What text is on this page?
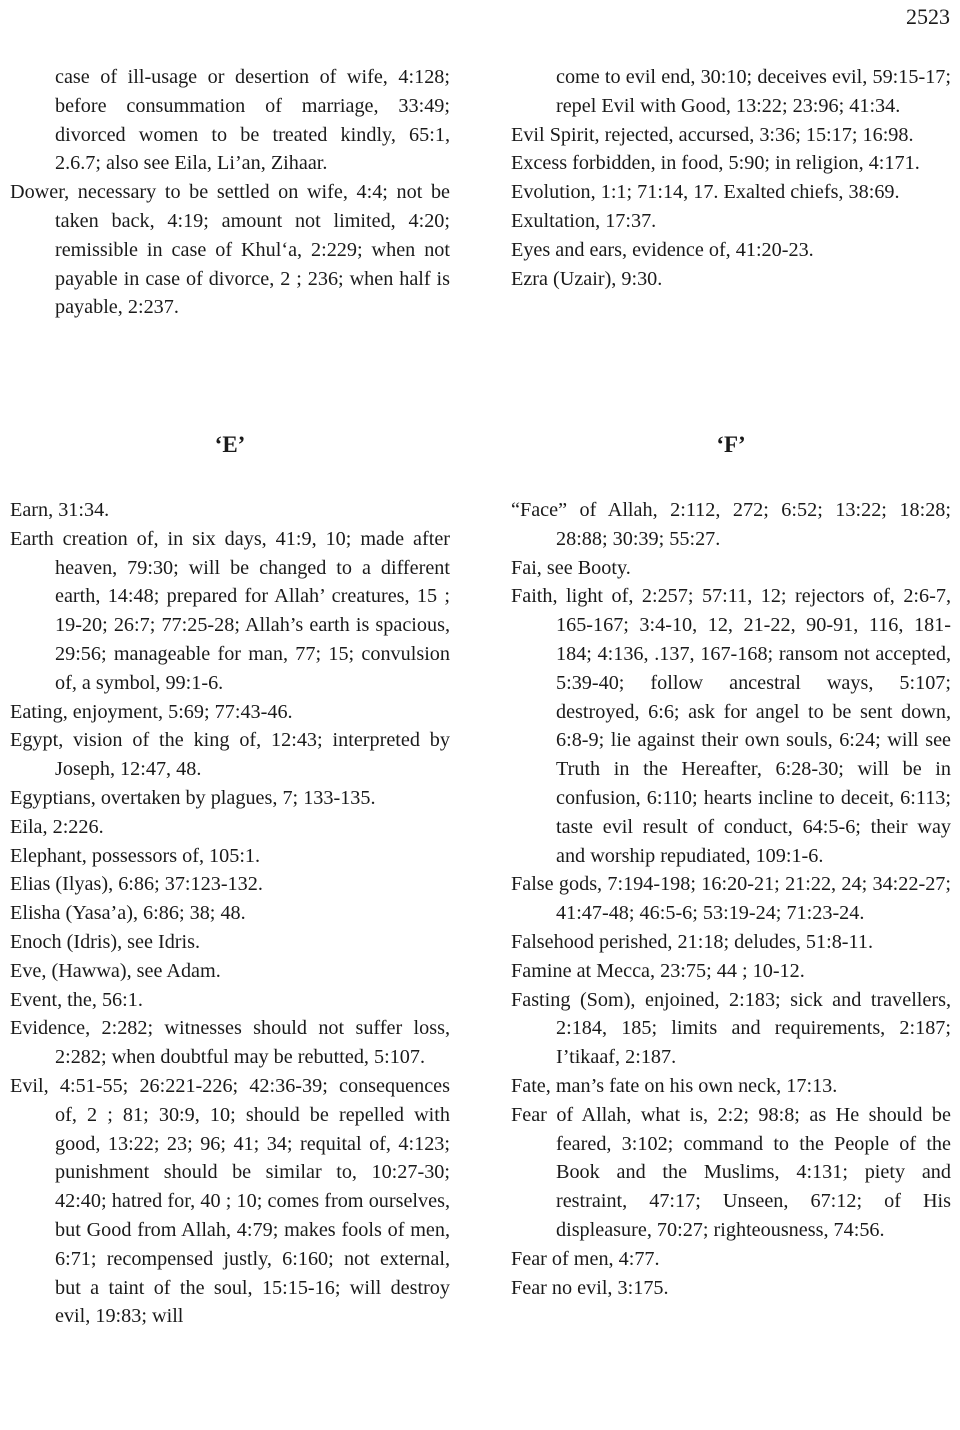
2523

case of ill-usage or desertion of wife, 4:128; before consummation of marriage, 33:49; divorced women to be treated kindly, 65:1, 2.6.7; also see Eila, Li’an, Zihaar.

Dower, necessary to be settled on wife, 4:4; not be taken back, 4:19; amount not limited, 4:20; remissible in case of Khul‘a, 2:229; when not payable in case of divorce, 2 ; 236; when half is payable, 2:237.

come to evil end, 30:10; deceives evil, 59:15-17; repel Evil with Good, 13:22; 23:96; 41:34.

Evil Spirit, rejected, accursed, 3:36; 15:17; 16:98.

Excess forbidden, in food, 5:90; in religion, 4:171.

Evolution, 1:1; 71:14, 17. Exalted chiefs, 38:69.

Exultation, 17:37.

Eyes and ears, evidence of, 41:20-23.

Ezra (Uzair), 9:30.

‘E’	‘F’

Earn, 31:34.

Earth creation of, in six days, 41:9, 10; made after heaven, 79:30; will be changed to a different earth, 14:48; prepared for Allah’ creatures, 15 ; 19-20; 26:7; 77:25-28; Allah’s earth is spacious, 29:56; manageable for man, 77; 15; convulsion of, a symbol, 99:1-6.

Eating, enjoyment, 5:69; 77:43-46.

Egypt, vision of the king of, 12:43; interpreted by Joseph, 12:47, 48.

Egyptians, overtaken by plagues, 7; 133-135.

Eila, 2:226.

Elephant, possessors of, 105:1.

Elias (Ilyas), 6:86; 37:123-132.

Elisha (Yasa’a), 6:86; 38; 48.

Enoch (Idris), see Idris.

Eve, (Hawwa), see Adam.

Event, the, 56:1.

Evidence, 2:282; witnesses should not suffer loss, 2:282; when doubtful may be rebutted, 5:107.

Evil, 4:51-55; 26:221-226; 42:36-39; consequences of, 2 ; 81; 30:9, 10; should be repelled with good, 13:22; 23; 96; 41; 34; requital of, 4:123; punishment should be similar to, 10:27-30; 42:40; hatred for, 40 ; 10; comes from ourselves, but Good from Allah, 4:79; makes fools of men, 6:71; recompensed justly, 6:160; not external, but a taint of the soul, 15:15-16; will destroy evil, 19:83; will

“Face” of Allah, 2:112, 272; 6:52; 13:22; 18:28; 28:88; 30:39; 55:27.

Fai, see Booty.

Faith, light of, 2:257; 57:11, 12; rejectors of, 2:6-7, 165-167; 3:4-10, 12, 21-22, 90-91, 116, 181-184; 4:136, .137, 167-168; ransom not accepted, 5:39-40; follow ancestral ways, 5:107; destroyed, 6:6; ask for angel to be sent down, 6:8-9; lie against their own souls, 6:24; will see Truth in the Hereafter, 6:28-30; will be in confusion, 6:110; hearts incline to deceit, 6:113; taste evil result of conduct, 64:5-6; their way and worship repudiated, 109:1-6.

False gods, 7:194-198; 16:20-21; 21:22, 24; 34:22-27; 41:47-48; 46:5-6; 53:19-24; 71:23-24.

Falsehood perished, 21:18; deludes, 51:8-11.

Famine at Mecca, 23:75; 44 ; 10-12.

Fasting (Som), enjoined, 2:183; sick and travellers, 2:184, 185; limits and requirements, 2:187; I’tikaaf, 2:187.

Fate, man’s fate on his own neck, 17:13.

Fear of Allah, what is, 2:2; 98:8; as He should be feared, 3:102; command to the People of the Book and the Muslims, 4:131; piety and restraint, 47:17; Unseen, 67:12; of His displeasure, 70:27; righteousness, 74:56.

Fear of men, 4:77.

Fear no evil, 3:175.
